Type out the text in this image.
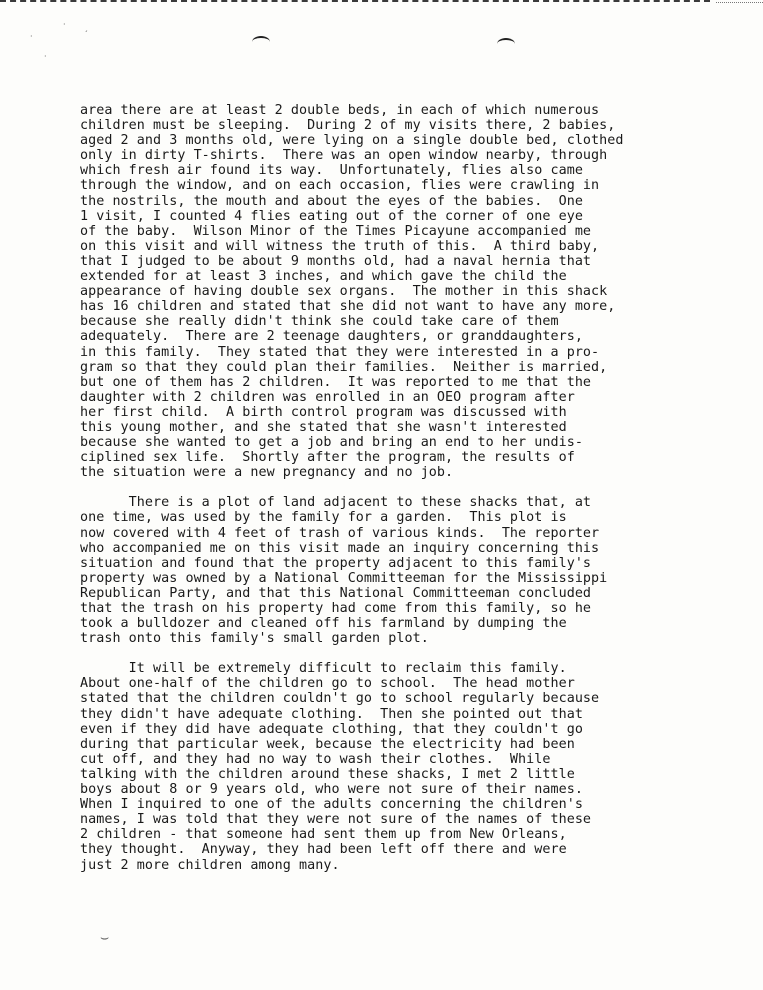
·
·
´
·
⌣
area there are at least 2 double beds, in each of which numerous
children must be sleeping.  During 2 of my visits there, 2 babies,
aged 2 and 3 months old, were lying on a single double bed, clothed
only in dirty T-shirts.  There was an open window nearby, through
which fresh air found its way.  Unfortunately, flies also came
through the window, and on each occasion, flies were crawling in
the nostrils, the mouth and about the eyes of the babies.  One
1 visit, I counted 4 flies eating out of the corner of one eye
of the baby.  Wilson Minor of the Times Picayune accompanied me
on this visit and will witness the truth of this.  A third baby,
that I judged to be about 9 months old, had a naval hernia that
extended for at least 3 inches, and which gave the child the
appearance of having double sex organs.  The mother in this shack
has 16 children and stated that she did not want to have any more,
because she really didn't think she could take care of them
adequately.  There are 2 teenage daughters, or granddaughters,
in this family.  They stated that they were interested in a pro-
gram so that they could plan their families.  Neither is married,
but one of them has 2 children.  It was reported to me that the
daughter with 2 children was enrolled in an OEO program after
her first child.  A birth control program was discussed with
this young mother, and she stated that she wasn't interested
because she wanted to get a job and bring an end to her undis-
ciplined sex life.  Shortly after the program, the results of
the situation were a new pregnancy and no job.
There is a plot of land adjacent to these shacks that, at
one time, was used by the family for a garden.  This plot is
now covered with 4 feet of trash of various kinds.  The reporter
who accompanied me on this visit made an inquiry concerning this
situation and found that the property adjacent to this family's
property was owned by a National Committeeman for the Mississippi
Republican Party, and that this National Committeeman concluded
that the trash on his property had come from this family, so he
took a bulldozer and cleaned off his farmland by dumping the
trash onto this family's small garden plot.
It will be extremely difficult to reclaim this family.
About one-half of the children go to school.  The head mother
stated that the children couldn't go to school regularly because
they didn't have adequate clothing.  Then she pointed out that
even if they did have adequate clothing, that they couldn't go
during that particular week, because the electricity had been
cut off, and they had no way to wash their clothes.  While
talking with the children around these shacks, I met 2 little
boys about 8 or 9 years old, who were not sure of their names.
When I inquired to one of the adults concerning the children's
names, I was told that they were not sure of the names of these
2 children - that someone had sent them up from New Orleans,
they thought.  Anyway, they had been left off there and were
just 2 more children among many.
